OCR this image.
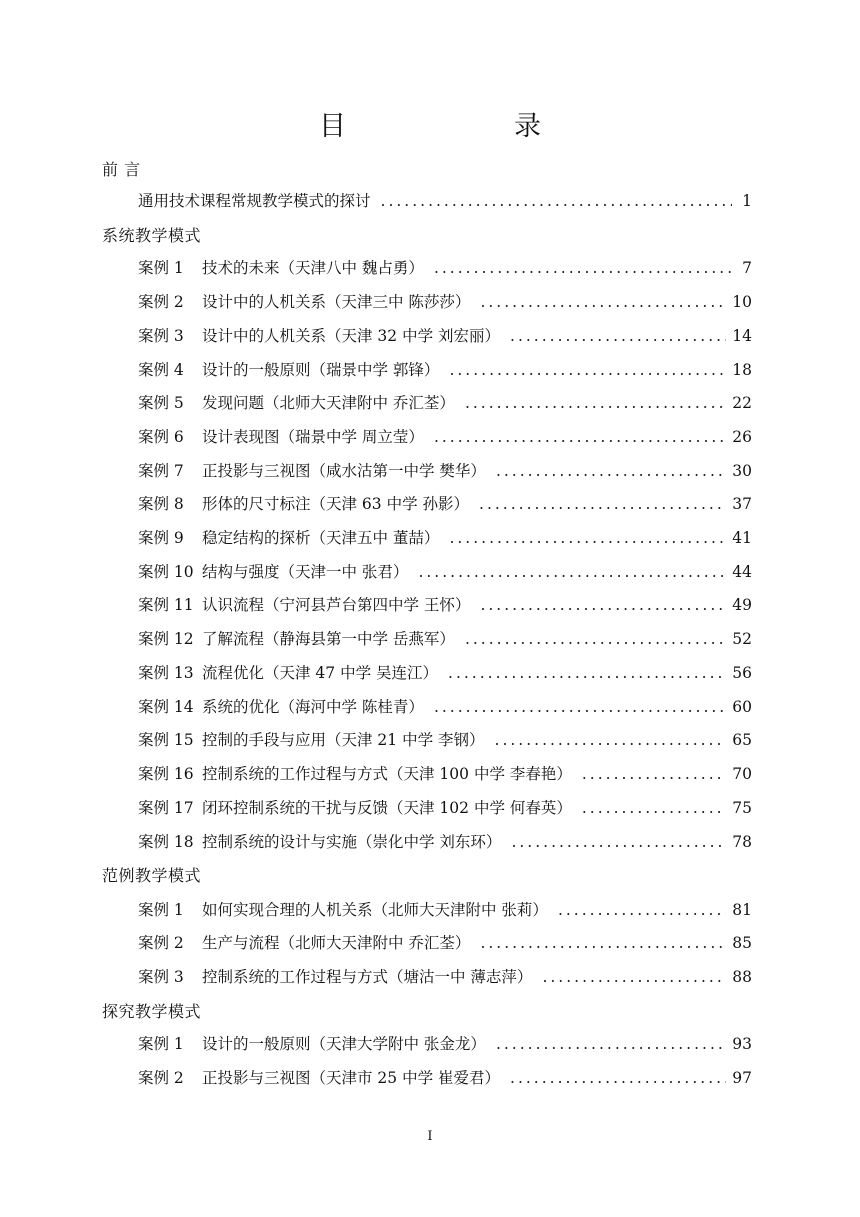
目　　录
前 言
通用技术课程常规教学模式的探讨 .....	1
系统教学模式
案例 1	技术的未来（天津八中 魏占勇） .....	7
案例 2	设计中的人机关系（天津三中 陈莎莎） .....	10
案例 3	设计中的人机关系（天津 32 中学 刘宏丽） .....	14
案例 4	设计的一般原则（瑞景中学 郭锋） .....	18
案例 5	发现问题（北师大天津附中 乔汇荃） .....	22
案例 6	设计表现图（瑞景中学 周立莹） .....	26
案例 7	正投影与三视图（咸水沽第一中学 樊华） .....	30
案例 8	形体的尺寸标注（天津 63 中学 孙影） .....	37
案例 9	稳定结构的探析（天津五中 董喆） .....	41
案例 10 结构与强度（天津一中 张君） .....	44
案例 11 认识流程（宁河县芦台第四中学 王怀） .....	49
案例 12 了解流程（静海县第一中学 岳燕军） .....	52
案例 13 流程优化（天津 47 中学 吴连江） .....	56
案例 14 系统的优化（海河中学 陈桂青） .....	60
案例 15 控制的手段与应用（天津 21 中学 李钢） .....	65
案例 16 控制系统的工作过程与方式（天津 100 中学 李春艳） .....	70
案例 17 闭环控制系统的干扰与反馈（天津 102 中学 何春英） .....	75
案例 18 控制系统的设计与实施（崇化中学 刘东环） .....	78
范例教学模式
案例 1	如何实现合理的人机关系（北师大天津附中 张莉） .....	81
案例 2	生产与流程（北师大天津附中 乔汇荃） .....	85
案例 3	控制系统的工作过程与方式（塘沽一中 薄志萍） .....	88
探究教学模式
案例 1	设计的一般原则（天津大学附中 张金龙） .....	93
案例 2	正投影与三视图（天津市 25 中学 崔爱君） .....	97
I
